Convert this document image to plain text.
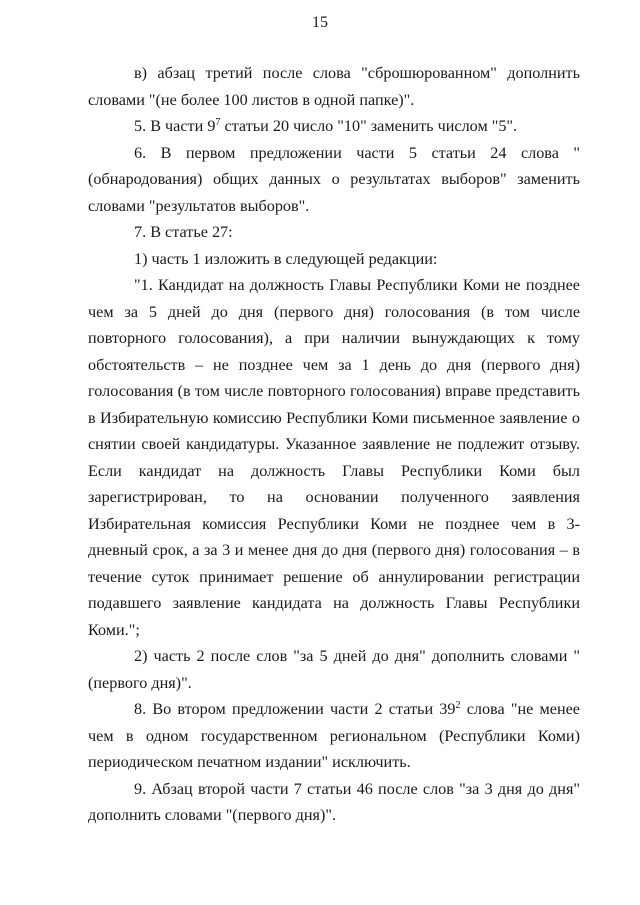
15

в) абзац третий после слова "сброшюрованном" дополнить словами "(не более 100 листов в одной папке)".

5. В части $9^7$ статьи 20 число "10" заменить числом "5".

6. В первом предложении части 5 статьи 24 слова "(обнародования) общих данных о результатах выборов" заменить словами "результатов выборов".

7. В статье 27:

1) часть 1 изложить в следующей редакции:

"1. Кандидат на должность Главы Республики Коми не позднее чем за 5 дней до дня (первого дня) голосования (в том числе повторного голосования), а при наличии вынуждающих к тому обстоятельств – не позднее чем за 1 день до дня (первого дня) голосования (в том числе повторного голосования) вправе представить в Избирательную комиссию Республики Коми письменное заявление о снятии своей кандидатуры. Указанное заявление не подлежит отзыву. Если кандидат на должность Главы Республики Коми был зарегистрирован, то на основании полученного заявления Избирательная комиссия Республики Коми не позднее чем в 3-дневный срок, а за 3 и менее дня до дня (первого дня) голосования – в течение суток принимает решение об аннулировании регистрации подавшего заявление кандидата на должность Главы Республики Коми.";

2) часть 2 после слов "за 5 дней до дня" дополнить словами "(первого дня)".

8. Во втором предложении части 2 статьи $39^2$ слова "не менее чем в одном государственном региональном (Республики Коми) периодическом печатном издании" исключить.

9. Абзац второй части 7 статьи 46 после слов "за 3 дня до дня" дополнить словами "(первого дня)".
